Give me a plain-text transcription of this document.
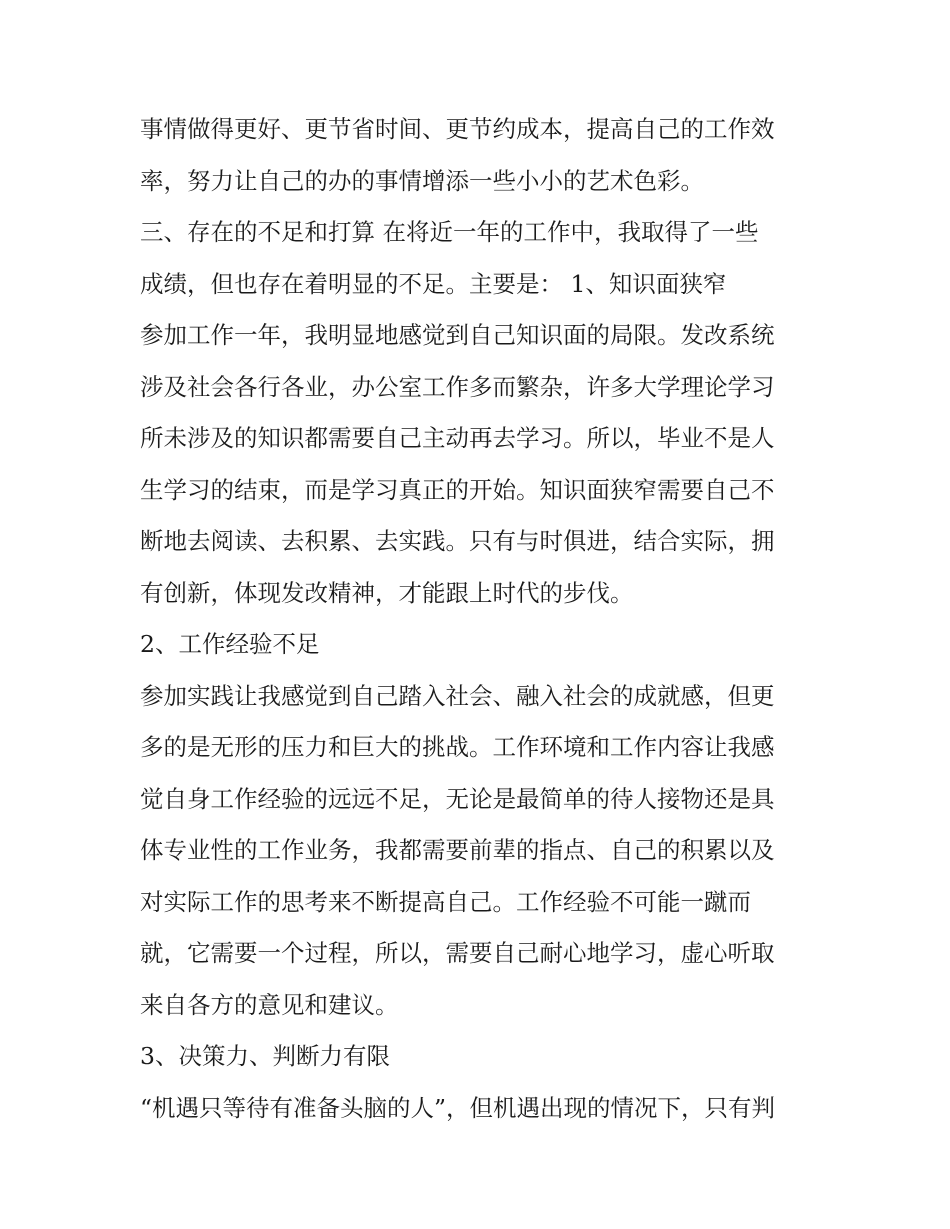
事情做得更好、更节省时间、更节约成本，提高自己的工作效
率，努力让自己的办的事情增添一些小小的艺术色彩。
三、存在的不足和打算 在将近一年的工作中，我取得了一些
成绩，但也存在着明显的不足。主要是： 1、知识面狭窄
参加工作一年，我明显地感觉到自己知识面的局限。发改系统
涉及社会各行各业，办公室工作多而繁杂，许多大学理论学习
所未涉及的知识都需要自己主动再去学习。所以，毕业不是人
生学习的结束，而是学习真正的开始。知识面狭窄需要自己不
断地去阅读、去积累、去实践。只有与时俱进，结合实际，拥
有创新，体现发改精神，才能跟上时代的步伐。
2、工作经验不足
参加实践让我感觉到自己踏入社会、融入社会的成就感，但更
多的是无形的压力和巨大的挑战。工作环境和工作内容让我感
觉自身工作经验的远远不足，无论是最简单的待人接物还是具
体专业性的工作业务，我都需要前辈的指点、自己的积累以及
对实际工作的思考来不断提高自己。工作经验不可能一蹴而
就，它需要一个过程，所以，需要自己耐心地学习，虚心听取
来自各方的意见和建议。
3、决策力、判断力有限
“机遇只等待有准备头脑的人”，但机遇出现的情况下，只有判
